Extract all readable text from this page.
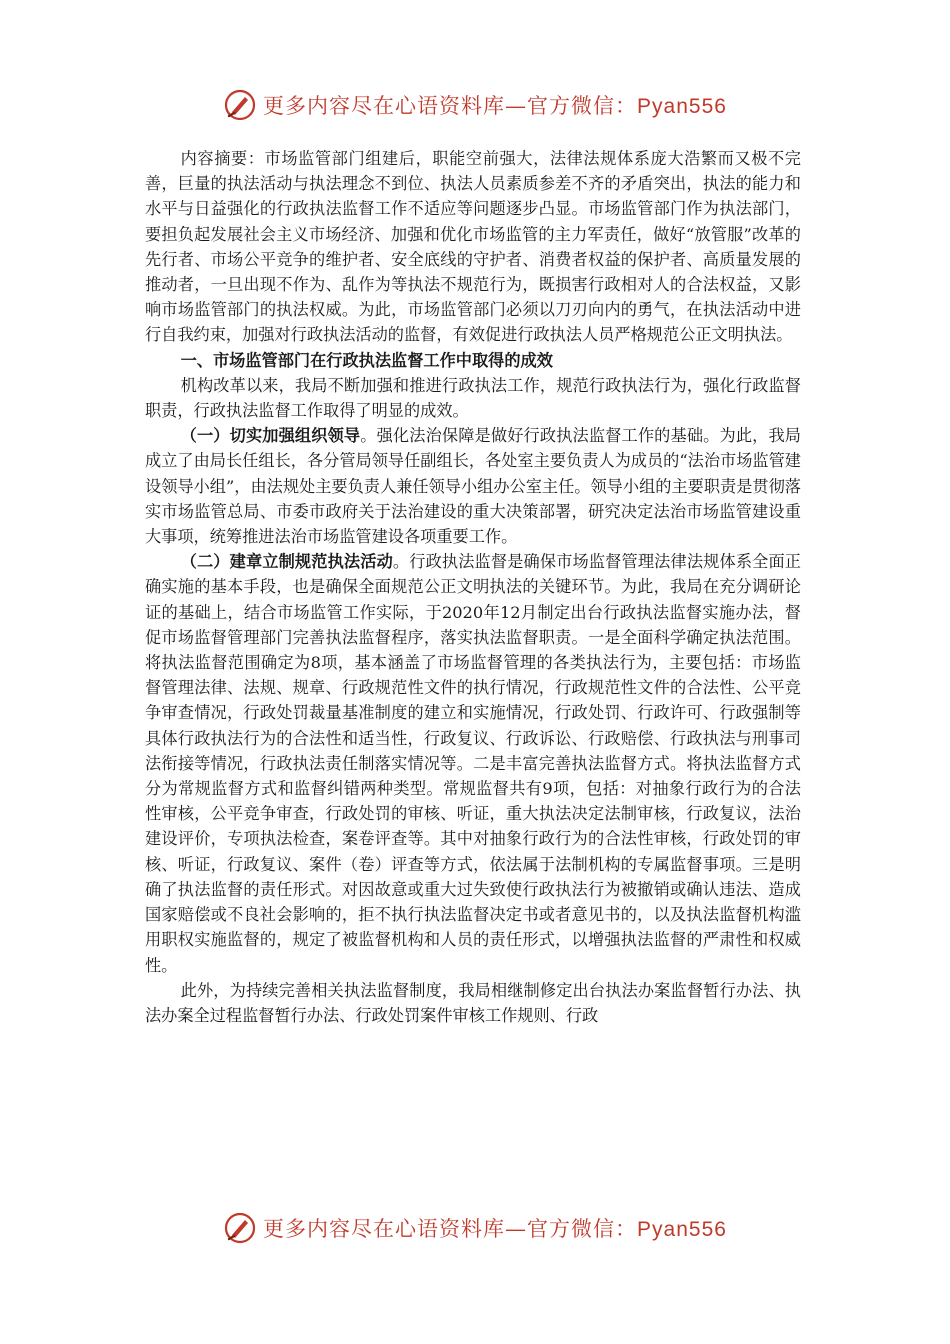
更多内容尽在心语资料库—官方微信：Pyan556

内容摘要：市场监管部门组建后，职能空前强大，法律法规体系庞大浩繁而又极不完善，巨量的执法活动与执法理念不到位、执法人员素质参差不齐的矛盾突出，执法的能力和水平与日益强化的行政执法监督工作不适应等问题逐步凸显。市场监管部门作为执法部门，要担负起发展社会主义市场经济、加强和优化市场监管的主力军责任，做好“放管服”改革的先行者、市场公平竞争的维护者、安全底线的守护者、消费者权益的保护者、高质量发展的推动者，一旦出现不作为、乱作为等执法不规范行为，既损害行政相对人的合法权益，又影响市场监管部门的执法权威。为此，市场监管部门必须以刀刃向内的勇气，在执法活动中进行自我约束，加强对行政执法活动的监督，有效促进行政执法人员严格规范公正文明执法。

一、市场监管部门在行政执法监督工作中取得的成效

机构改革以来，我局不断加强和推进行政执法工作，规范行政执法行为，强化行政监督职责，行政执法监督工作取得了明显的成效。

（一）切实加强组织领导。强化法治保障是做好行政执法监督工作的基础。为此，我局成立了由局长任组长，各分管局领导任副组长，各处室主要负责人为成员的“法治市场监管建设领导小组”，由法规处主要负责人兼任领导小组办公室主任。领导小组的主要职责是贯彻落实市场监管总局、市委市政府关于法治建设的重大决策部署，研究决定法治市场监管建设重大事项，统筹推进法治市场监管建设各项重要工作。

（二）建章立制规范执法活动。行政执法监督是确保市场监督管理法律法规体系全面正确实施的基本手段，也是确保全面规范公正文明执法的关键环节。为此，我局在充分调研论证的基础上，结合市场监管工作实际，于2020年12月制定出台行政执法监督实施办法，督促市场监督管理部门完善执法监督程序，落实执法监督职责。一是全面科学确定执法范围。将执法监督范围确定为8项，基本涵盖了市场监督管理的各类执法行为，主要包括：市场监督管理法律、法规、规章、行政规范性文件的执行情况，行政规范性文件的合法性、公平竞争审查情况，行政处罚裁量基准制度的建立和实施情况，行政处罚、行政许可、行政强制等具体行政执法行为的合法性和适当性，行政复议、行政诉讼、行政赔偿、行政执法与刑事司法衔接等情况，行政执法责任制落实情况等。二是丰富完善执法监督方式。将执法监督方式分为常规监督方式和监督纠错两种类型。常规监督共有9项，包括：对抽象行政行为的合法性审核，公平竞争审查，行政处罚的审核、听证，重大执法决定法制审核，行政复议，法治建设评价，专项执法检查，案卷评查等。其中对抽象行政行为的合法性审核，行政处罚的审核、听证，行政复议、案件（卷）评查等方式，依法属于法制机构的专属监督事项。三是明确了执法监督的责任形式。对因故意或重大过失致使行政执法行为被撤销或确认违法、造成国家赔偿或不良社会影响的，拒不执行执法监督决定书或者意见书的，以及执法监督机构滥用职权实施监督的，规定了被监督机构和人员的责任形式，以增强执法监督的严肃性和权威性。

此外，为持续完善相关执法监督制度，我局相继制修定出台执法办案监督暂行办法、执法办案全过程监督暂行办法、行政处罚案件审核工作规则、行政

更多内容尽在心语资料库—官方微信：Pyan556
